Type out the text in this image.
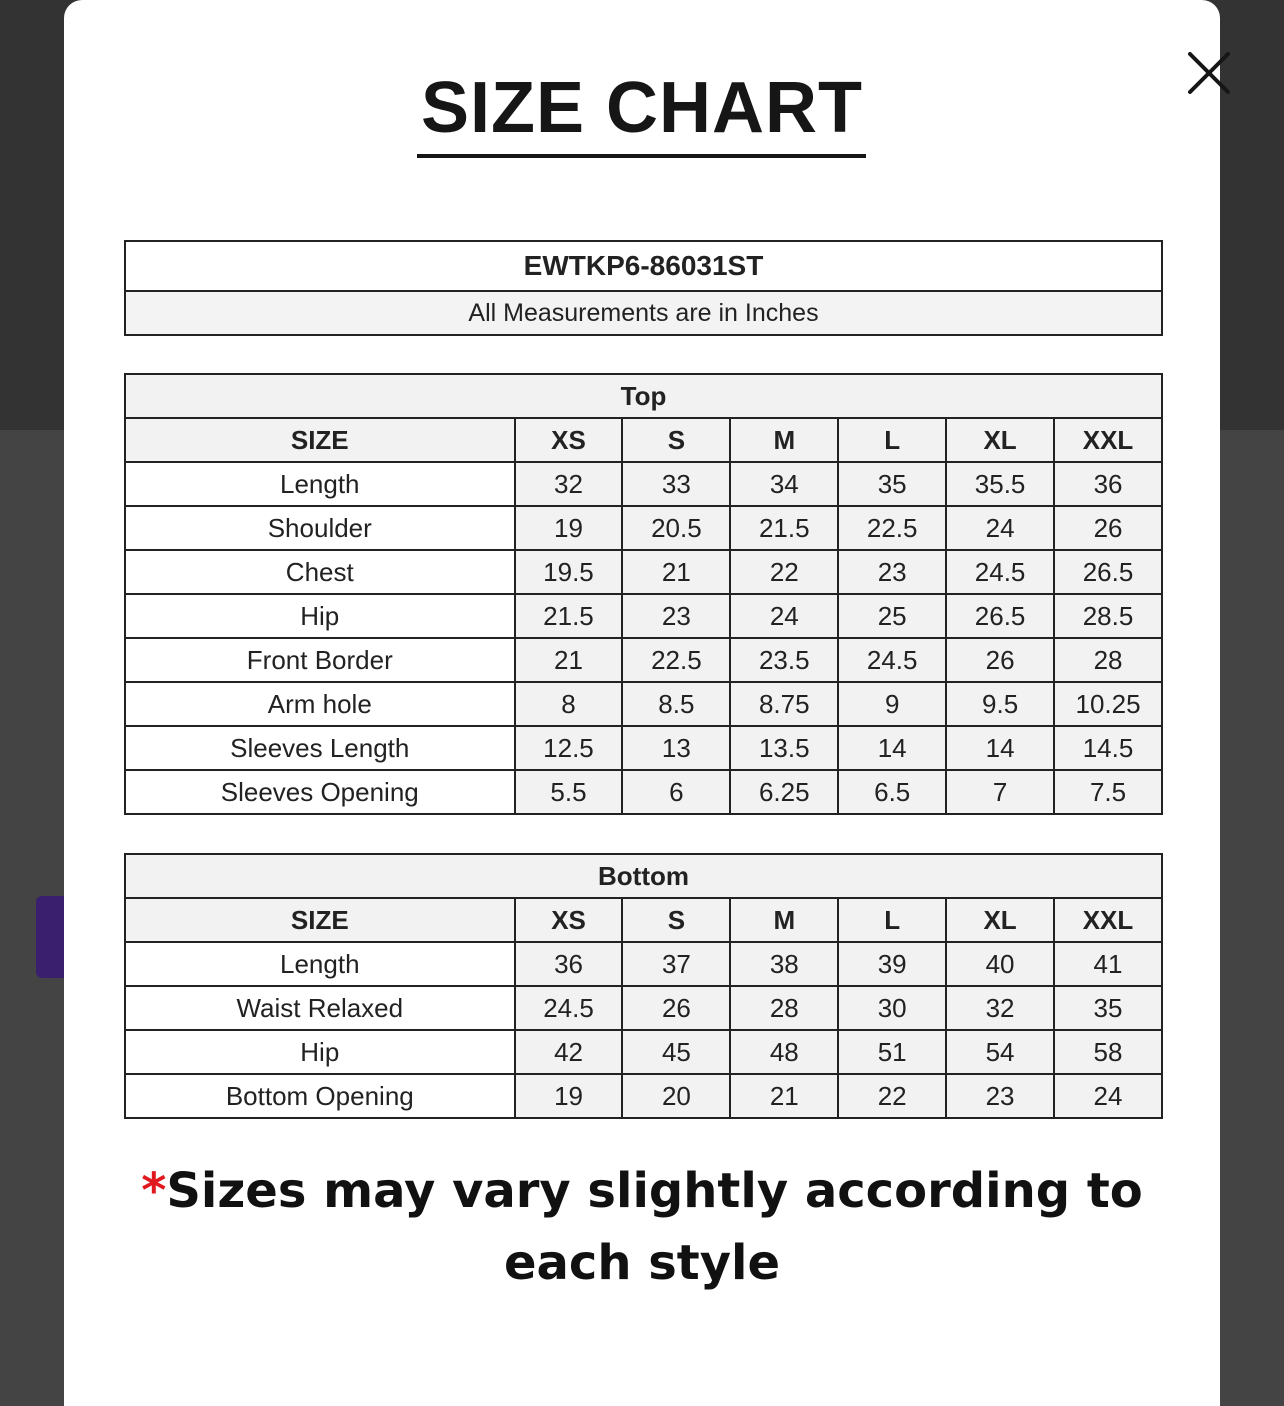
SIZE CHART
EWTKP6-86031ST
All Measurements are in Inches
Top						
SIZE	XS	S	M	L	XL	XXL
Length	32	33	34	35	35.5	36
Shoulder	19	20.5	21.5	22.5	24	26
Chest	19.5	21	22	23	24.5	26.5
Hip	21.5	23	24	25	26.5	28.5
Front Border	21	22.5	23.5	24.5	26	28
Arm hole	8	8.5	8.75	9	9.5	10.25
Sleeves Length	12.5	13	13.5	14	14	14.5
Sleeves Opening	5.5	6	6.25	6.5	7	7.5
Bottom						
SIZE	XS	S	M	L	XL	XXL
Length	36	37	38	39	40	41
Waist Relaxed	24.5	26	28	30	32	35
Hip	42	45	48	51	54	58
Bottom Opening	19	20	21	22	23	24
*Sizes may vary slightly according to each style
